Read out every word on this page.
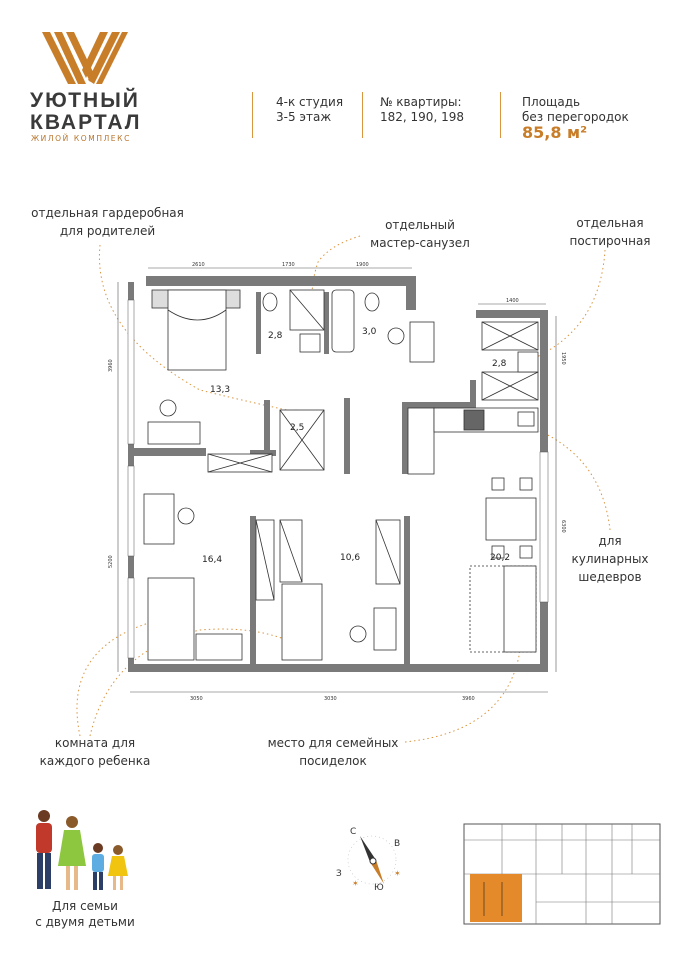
УЮТНЫЙ
КВАРТАЛ
ЖИЛОЙ КОМПЛЕКС
4-к студия
3-5 этаж
№ квартиры:
182, 190, 198
Площадь
без перегородок
85,8 м²
отдельная гардеробная
для родителей	отдельный
мастер-санузел
отдельная
постирочная
для
кулинарных
шедевров
комната для
каждого ребенка
место для семейных
посиделок
2610	1730	1900
1400
3050	3030	3960
3960
5200
1950
6300
13,3
2,8	3,0
2,8
2,5
20,2
16,4	10,6
Для семьи
с двумя детьми
С
В
Ю
З	✶
✶
